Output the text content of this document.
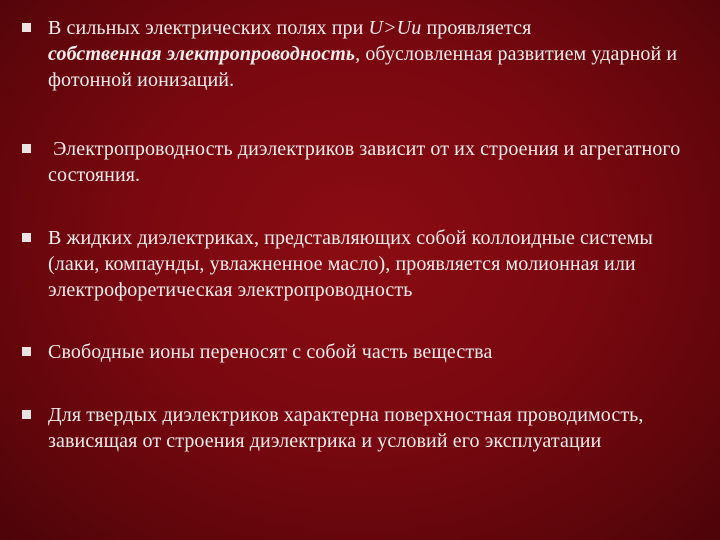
В сильных электрических полях при U>Uи проявляется
собственная электропроводность, обусловленная развитием ударной и фотонной ионизаций.
Электропроводность диэлектриков зависит от их строения и агрегатного состояния.
В жидких диэлектриках, представляющих собой коллоидные системы (лаки, компаунды, увлажненное масло), проявляется молионная или электрофоретическая электропроводность
Свободные ионы переносят с собой часть вещества
Для твердых диэлектриков характерна поверхностная проводимость, зависящая от строения диэлектрика и условий его эксплуатации
